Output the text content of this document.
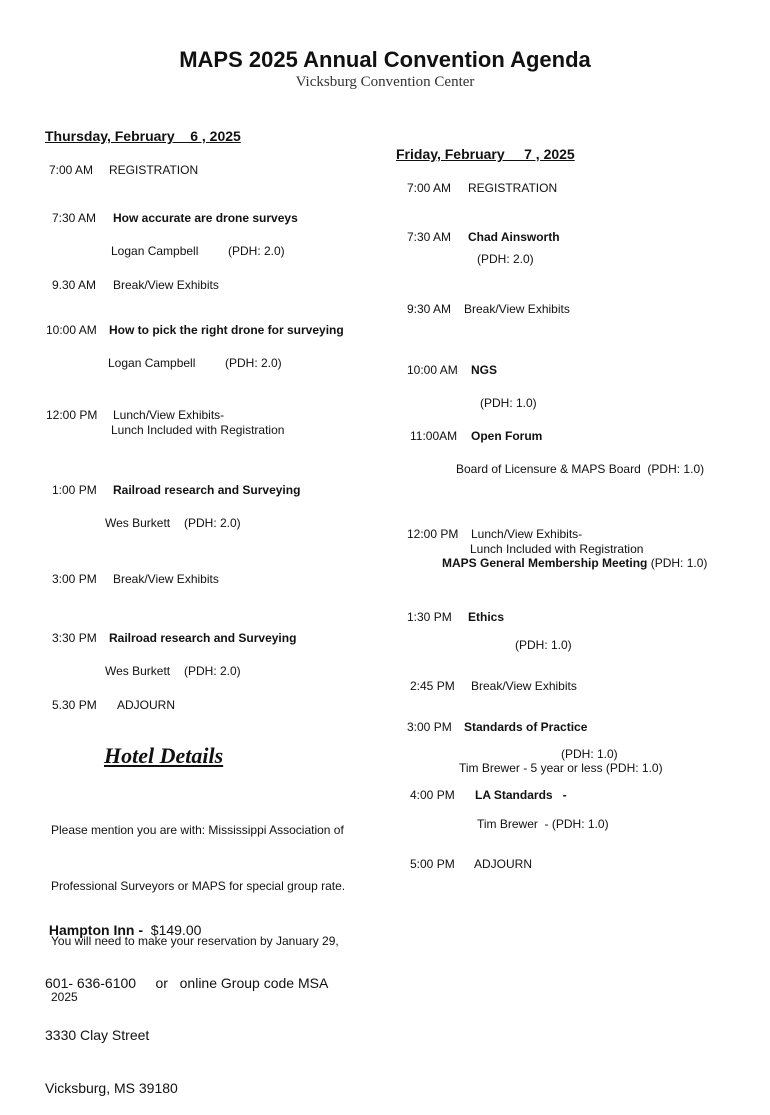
MAPS 2025 Annual Convention Agenda
Vicksburg Convention Center
Thursday, February    6 , 2025
7:00 AM REGISTRATION
7:30 AM How accurate are drone surveys
Logan Campbell (PDH: 2.0)
9.30 AM Break/View Exhibits
10:00 AM How to pick the right drone for surveying
Logan Campbell (PDH: 2.0)
12:00 PM Lunch/View Exhibits-
Lunch Included with Registration
1:00 PM Railroad research and Surveying
Wes Burkett (PDH: 2.0)
3:00 PM Break/View Exhibits
3:30 PM Railroad research and Surveying
Wes Burkett (PDH: 2.0)
5.30 PM ADJOURN
Friday, February     7 , 2025
7:00 AM REGISTRATION
7:30 AM Chad Ainsworth
(PDH: 2.0)
9:30 AM Break/View Exhibits
10:00 AM NGS
(PDH: 1.0)
11:00AM Open Forum
Board of Licensure & MAPS Board  (PDH: 1.0)
12:00 PM Lunch/View Exhibits-
Lunch Included with Registration
MAPS General Membership Meeting (PDH: 1.0)
1:30 PM Ethics
(PDH: 1.0)
2:45 PM Break/View Exhibits
3:00 PM Standards of Practice
(PDH: 1.0)
Tim Brewer - 5 year or less (PDH: 1.0)
4:00 PM LA Standards   -
Tim Brewer  - (PDH: 1.0)
5:00 PM ADJOURN
Hotel Details

Please mention you are with: Mississippi Association of

Professional Surveyors or MAPS for special group rate.

You will need to make your reservation by January 29,

2025

Hampton Inn -  $149.00

601- 636-6100     or   online Group code MSA

3330 Clay Street

Vicksburg, MS 39180
